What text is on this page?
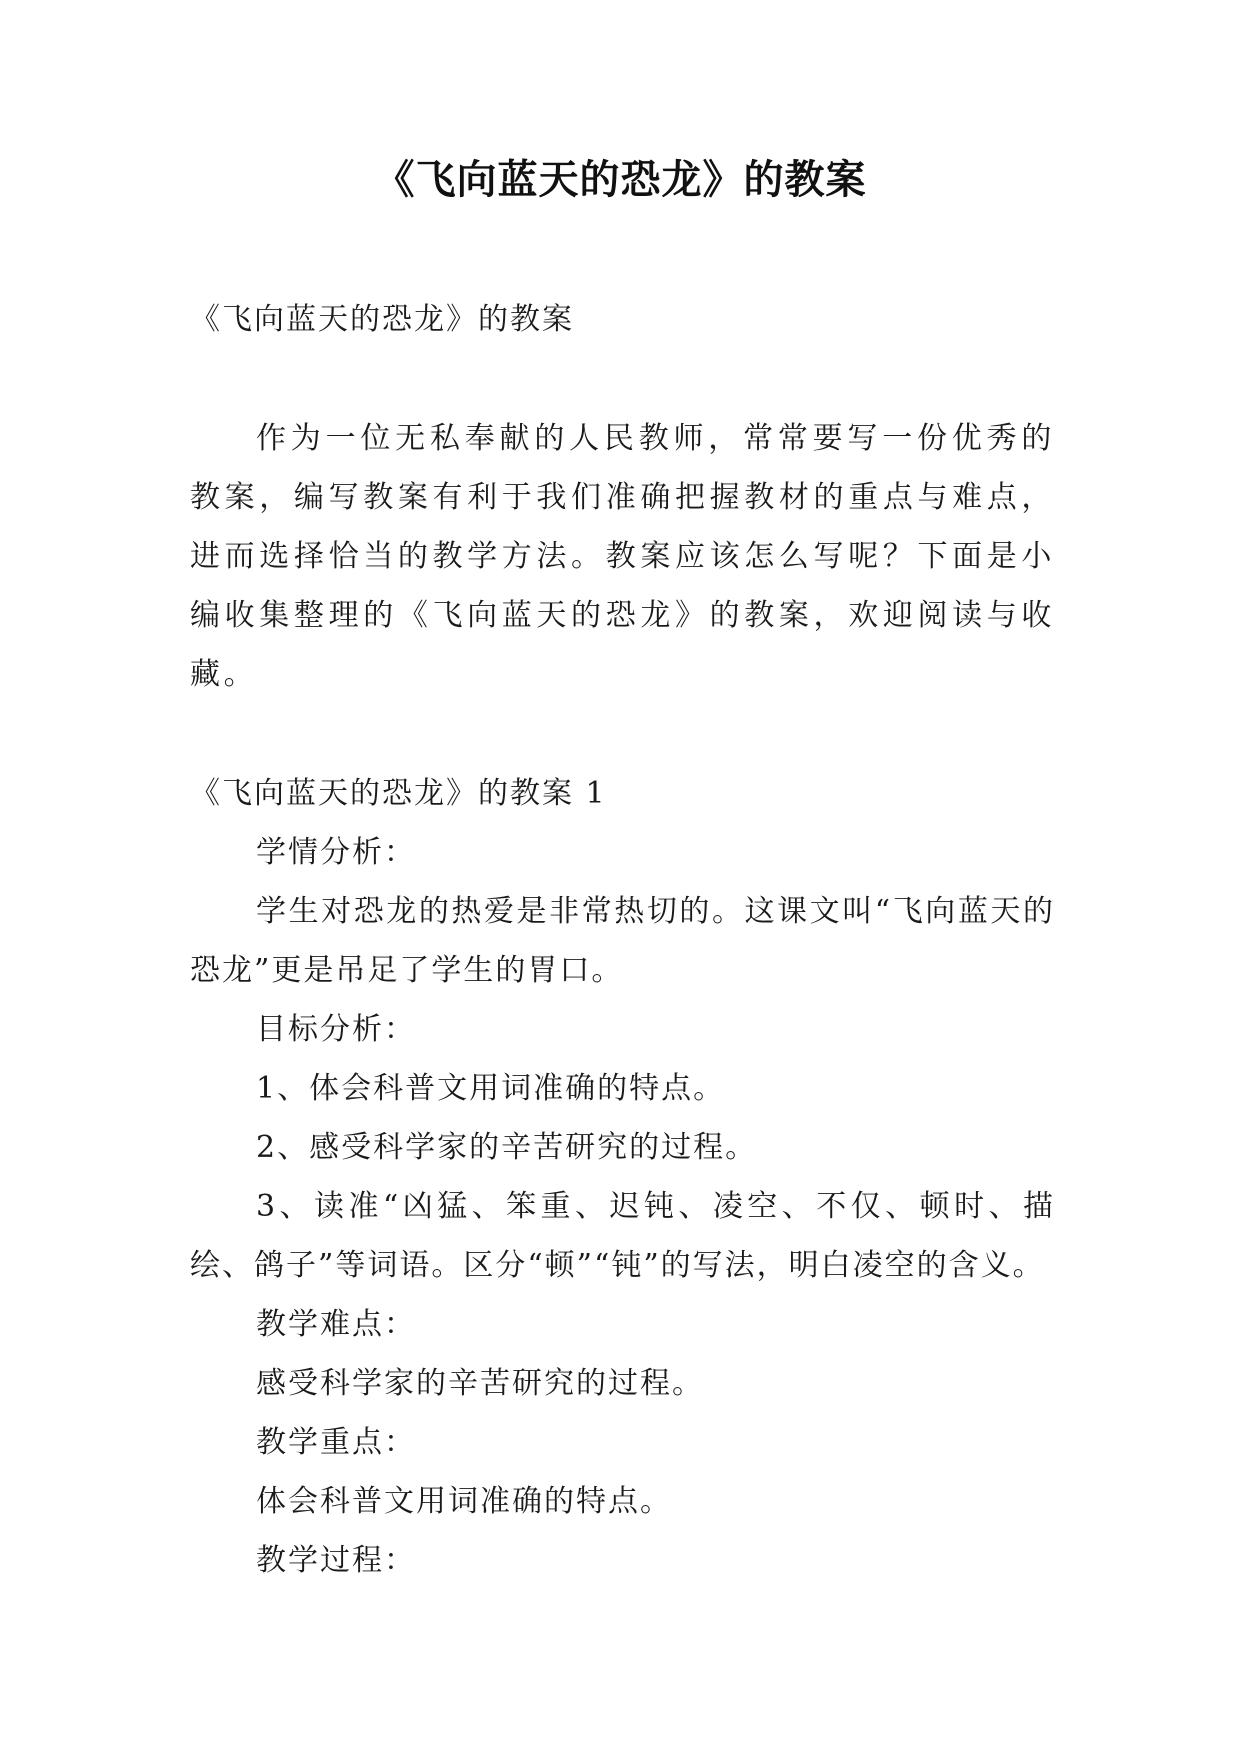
《飞向蓝天的恐龙》的教案

《飞向蓝天的恐龙》的教案

作为一位无私奉献的人民教师，常常要写一份优秀的教案，编写教案有利于我们准确把握教材的重点与难点，进而选择恰当的教学方法。教案应该怎么写呢？下面是小编收集整理的《飞向蓝天的恐龙》的教案，欢迎阅读与收藏。

《飞向蓝天的恐龙》的教案 1

学情分析：

学生对恐龙的热爱是非常热切的。这课文叫“飞向蓝天的恐龙”更是吊足了学生的胃口。

目标分析：

1、体会科普文用词准确的特点。

2、感受科学家的辛苦研究的过程。

3、读准“凶猛、笨重、迟钝、凌空、不仅、顿时、描绘、鸽子”等词语。区分“顿”“钝”的写法，明白凌空的含义。

教学难点：

感受科学家的辛苦研究的过程。

教学重点：

体会科普文用词准确的特点。

教学过程：
